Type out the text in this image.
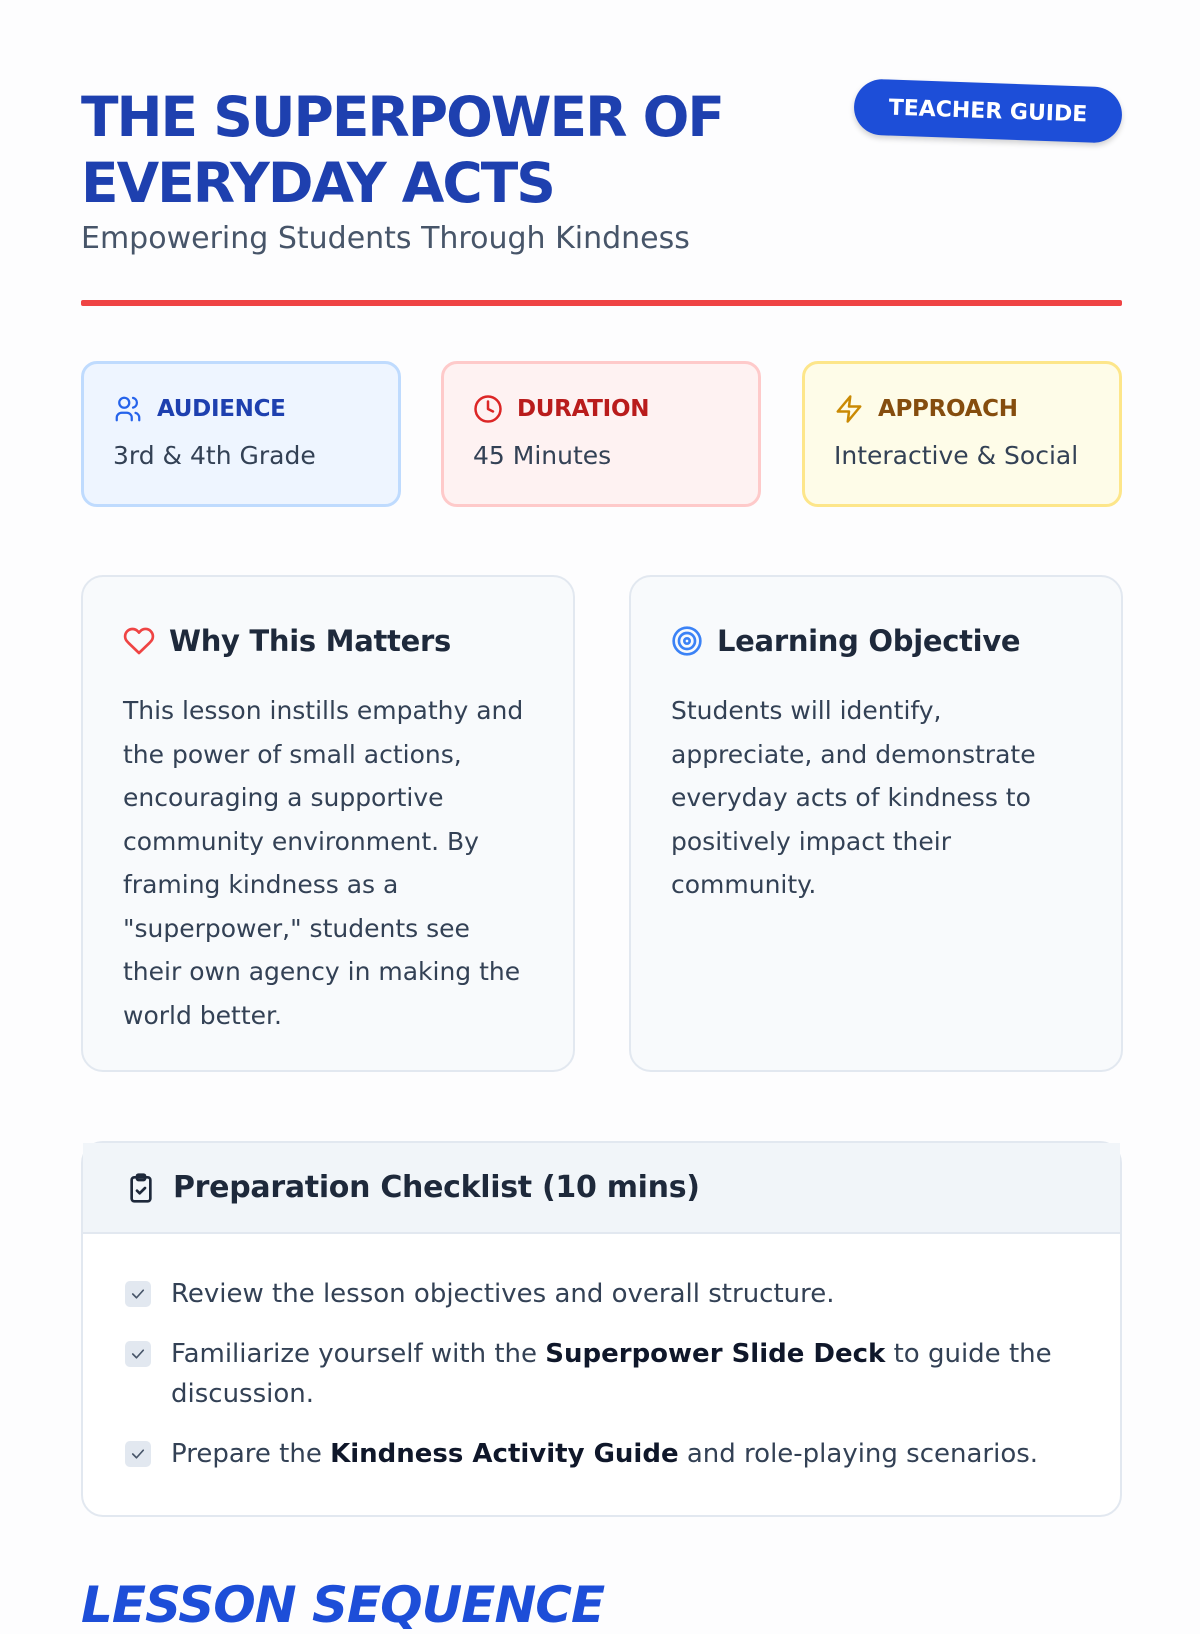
THE SUPERPOWER OF EVERYDAY ACTS
TEACHER GUIDE
Empowering Students Through Kindness
AUDIENCE
3rd & 4th Grade
DURATION
45 Minutes
APPROACH
Interactive & Social
Why This Matters

This lesson instills empathy and the power of small actions, encouraging a supportive community environment. By framing kindness as a "superpower," students see their own agency in making the world better.

Learning Objective

Students will identify, appreciate, and demonstrate everyday acts of kindness to positively impact their community.

Preparation Checklist (10 mins)
Review the lesson objectives and overall structure.
Familiarize yourself with the Superpower Slide Deck to guide the discussion.
Prepare the Kindness Activity Guide and role-playing scenarios.
LESSON SEQUENCE
